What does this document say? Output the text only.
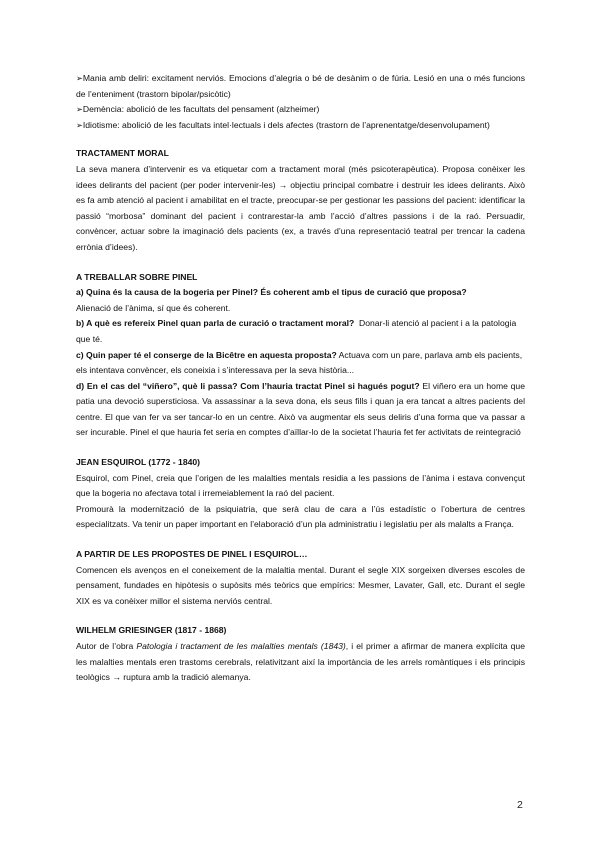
➢Mania amb deliri: excitament nerviós. Emocions d’alegria o bé de desànim o de fúria. Lesió en una o més funcions de l’enteniment (trastorn bipolar/psicòtic)

➢Demència: abolició de les facultats del pensament (alzheimer)

➢Idiotisme: abolició de les facultats intel·lectuals i dels afectes (trastorn de l’aprenentatge/desenvolupament)

TRACTAMENT MORAL

La seva manera d’intervenir es va etiquetar com a tractament moral (més psicoterapèutica). Proposa conèixer les idees delirants del pacient (per poder intervenir-les) → objectiu principal combatre i destruir les idees delirants. Això es fa amb atenció al pacient i amabilitat en el tracte, preocupar-se per gestionar les passions del pacient: identificar la passió “morbosa” dominant del pacient i contrarestar-la amb l’acció d’altres passions i de la raó. Persuadir, convèncer, actuar sobre la imaginació dels pacients (ex, a través d’una representació teatral per trencar la cadena errònia d’idees).

A TREBALLAR SOBRE PINEL

a) Quina és la causa de la bogeria per Pinel? És coherent amb el tipus de curació que proposa?

Alienació de l’ànima, sí que és coherent.

b) A què es refereix Pinel quan parla de curació o tractament moral? Donar-li atenció al pacient i a la patologia que té.

c) Quin paper té el conserge de la Bicêtre en aquesta proposta? Actuava com un pare, parlava amb els pacients, els intentava convèncer, els coneixia i s’interessava per la seva història...

d) En el cas del “viñero”, què li passa? Com l’hauria tractat Pinel si hagués pogut? El viñero era un home que patia una devoció supersticiosa. Va assassinar a la seva dona, els seus fills i quan ja era tancat a altres pacients del centre. El que van fer va ser tancar-lo en un centre. Això va augmentar els seus deliris d’una forma que va passar a ser incurable. Pinel el que hauria fet seria en comptes d’aïllar-lo de la societat l’hauria fet fer activitats de reintegració

JEAN ESQUIROL (1772 - 1840)

Esquirol, com Pinel, creia que l’origen de les malalties mentals residia a les passions de l’ànima i estava convençut que la bogeria no afectava total i irremeiablement la raó del pacient.

Promourà la modernització de la psiquiatria, que serà clau de cara a l’ús estadístic o l’obertura de centres especialitzats. Va tenir un paper important en l’elaboració d’un pla administratiu i legislatiu per als malalts a França.

A PARTIR DE LES PROPOSTES DE PINEL I ESQUIROL…

Comencen els avenços en el coneixement de la malaltia mental. Durant el segle XIX sorgeixen diverses escoles de pensament, fundades en hipòtesis o supòsits més teòrics que empírics: Mesmer, Lavater, Gall, etc. Durant el segle XIX es va conèixer millor el sistema nerviós central.

WILHELM GRIESINGER (1817 - 1868)

Autor de l’obra Patologia i tractament de les malalties mentals (1843), i el primer a afirmar de manera explícita que les malalties mentals eren trastoms cerebrals, relativitzant així la importància de les arrels romàntiques i els principis teològics → ruptura amb la tradició alemanya.

2
